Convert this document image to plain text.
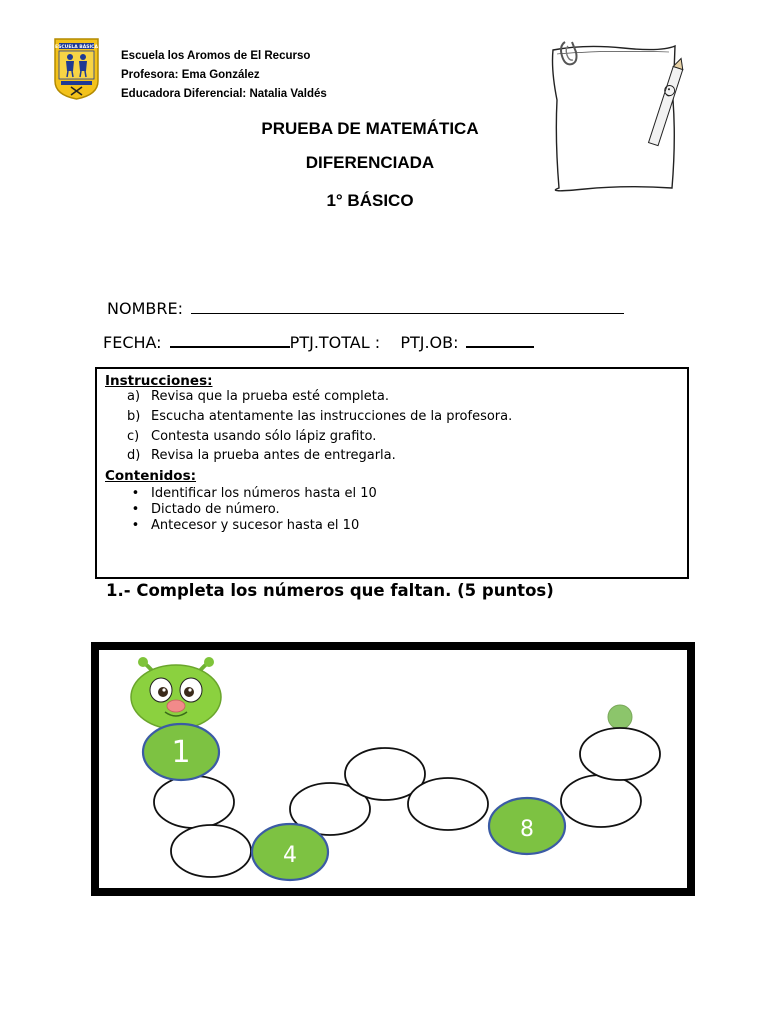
ESCUELA BÁSICA
Escuela los Aromos de El Recurso
Profesora: Ema González
Educadora Diferencial: Natalia Valdés
PRUEBA DE MATEMÁTICA
DIFERENCIADA
1° BÁSICO
NOMBRE:
FECHA:	PTJ.TOTAL : PTJ.OB:
Instrucciones:
a) Revisa que la prueba esté completa.
b) Escucha atentamente las instrucciones de la profesora.
c) Contesta usando sólo lápiz grafito.
d) Revisa la prueba antes de entregarla.
Contenidos:
• Identificar los números hasta el 10
• Dictado de número.
• Antecesor y sucesor hasta el 10
1.- Completa los números que faltan. (5 puntos)
1
4
8
